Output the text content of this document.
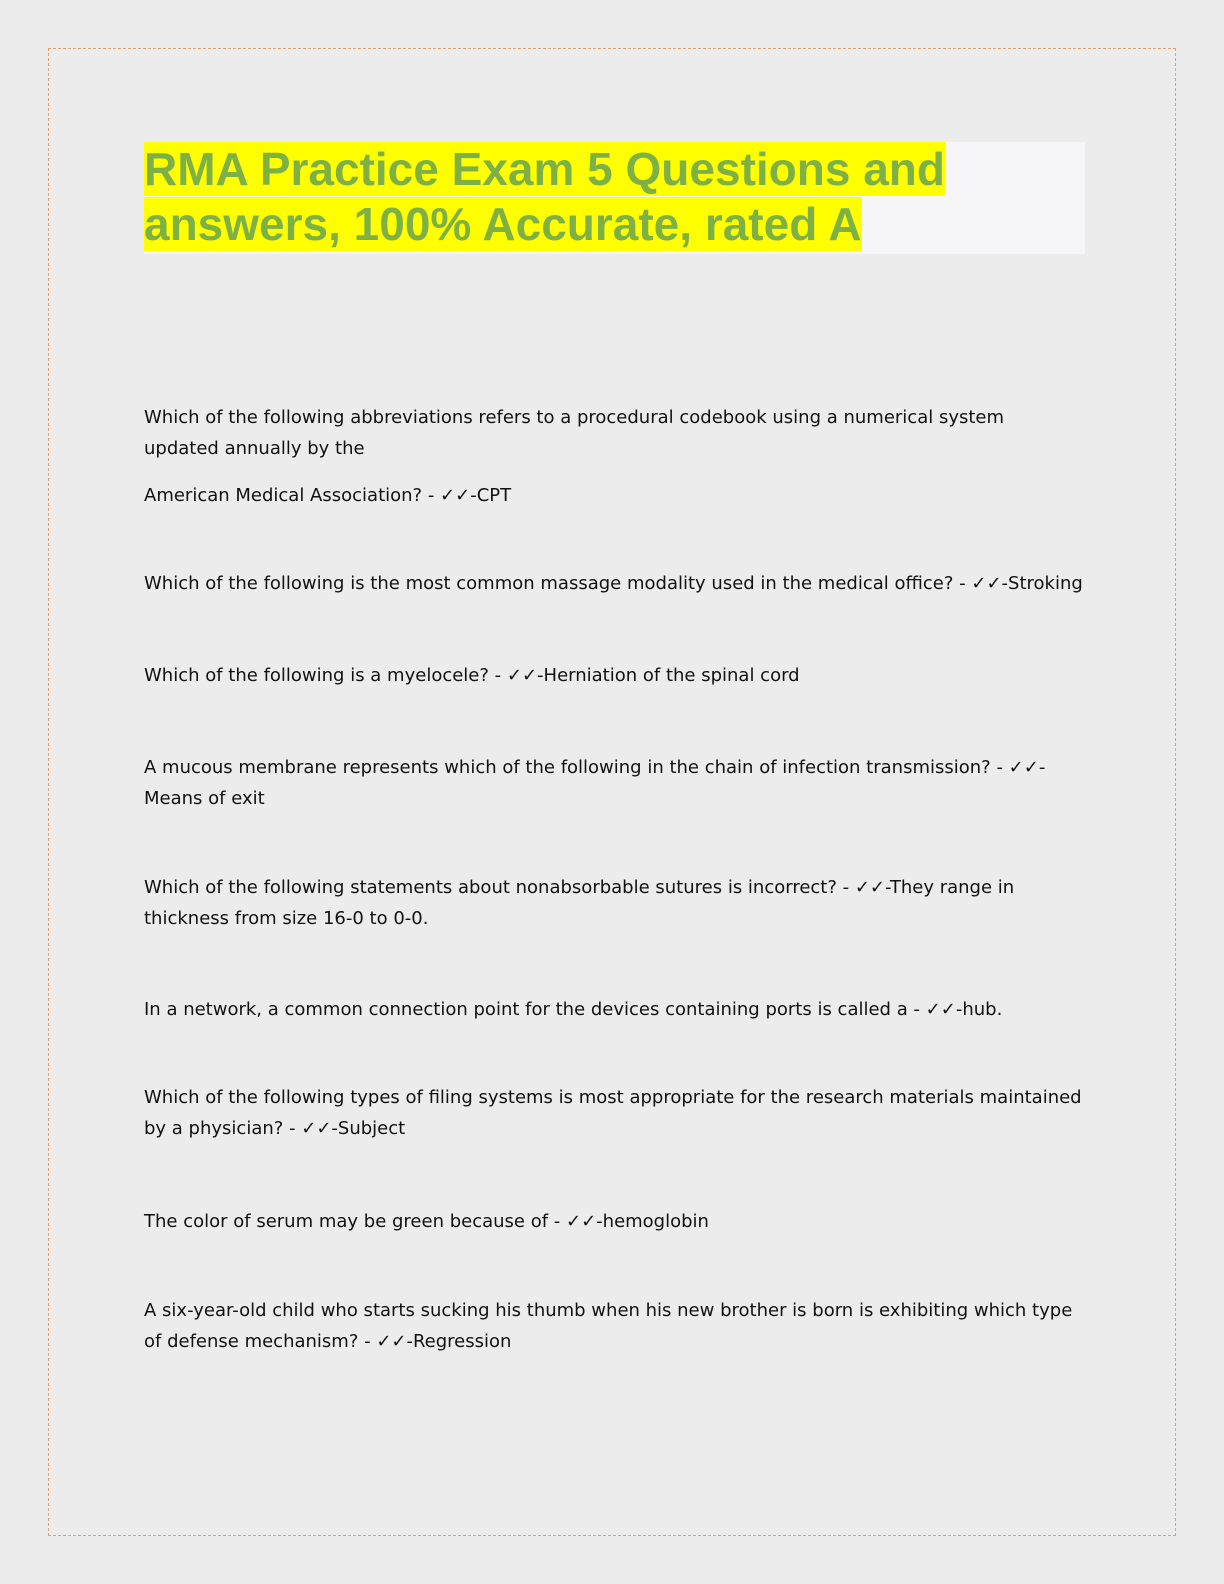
RMA Practice Exam 5 Questions and
answers, 100% Accurate, rated A

Which of the following abbreviations refers to a procedural codebook using a numerical system updated annually by the

American Medical Association? - ✓✓-CPT

Which of the following is the most common massage modality used in the medical office? - ✓✓-Stroking

Which of the following is a myelocele? - ✓✓-Herniation of the spinal cord

A mucous membrane represents which of the following in the chain of infection transmission? - ✓✓-Means of exit

Which of the following statements about nonabsorbable sutures is incorrect? - ✓✓-They range in thickness from size 16-0 to 0-0.

In a network, a common connection point for the devices containing ports is called a - ✓✓-hub.

Which of the following types of filing systems is most appropriate for the research materials maintained by a physician? - ✓✓-Subject

The color of serum may be green because of - ✓✓-hemoglobin

A six-year-old child who starts sucking his thumb when his new brother is born is exhibiting which type of defense mechanism? - ✓✓-Regression
